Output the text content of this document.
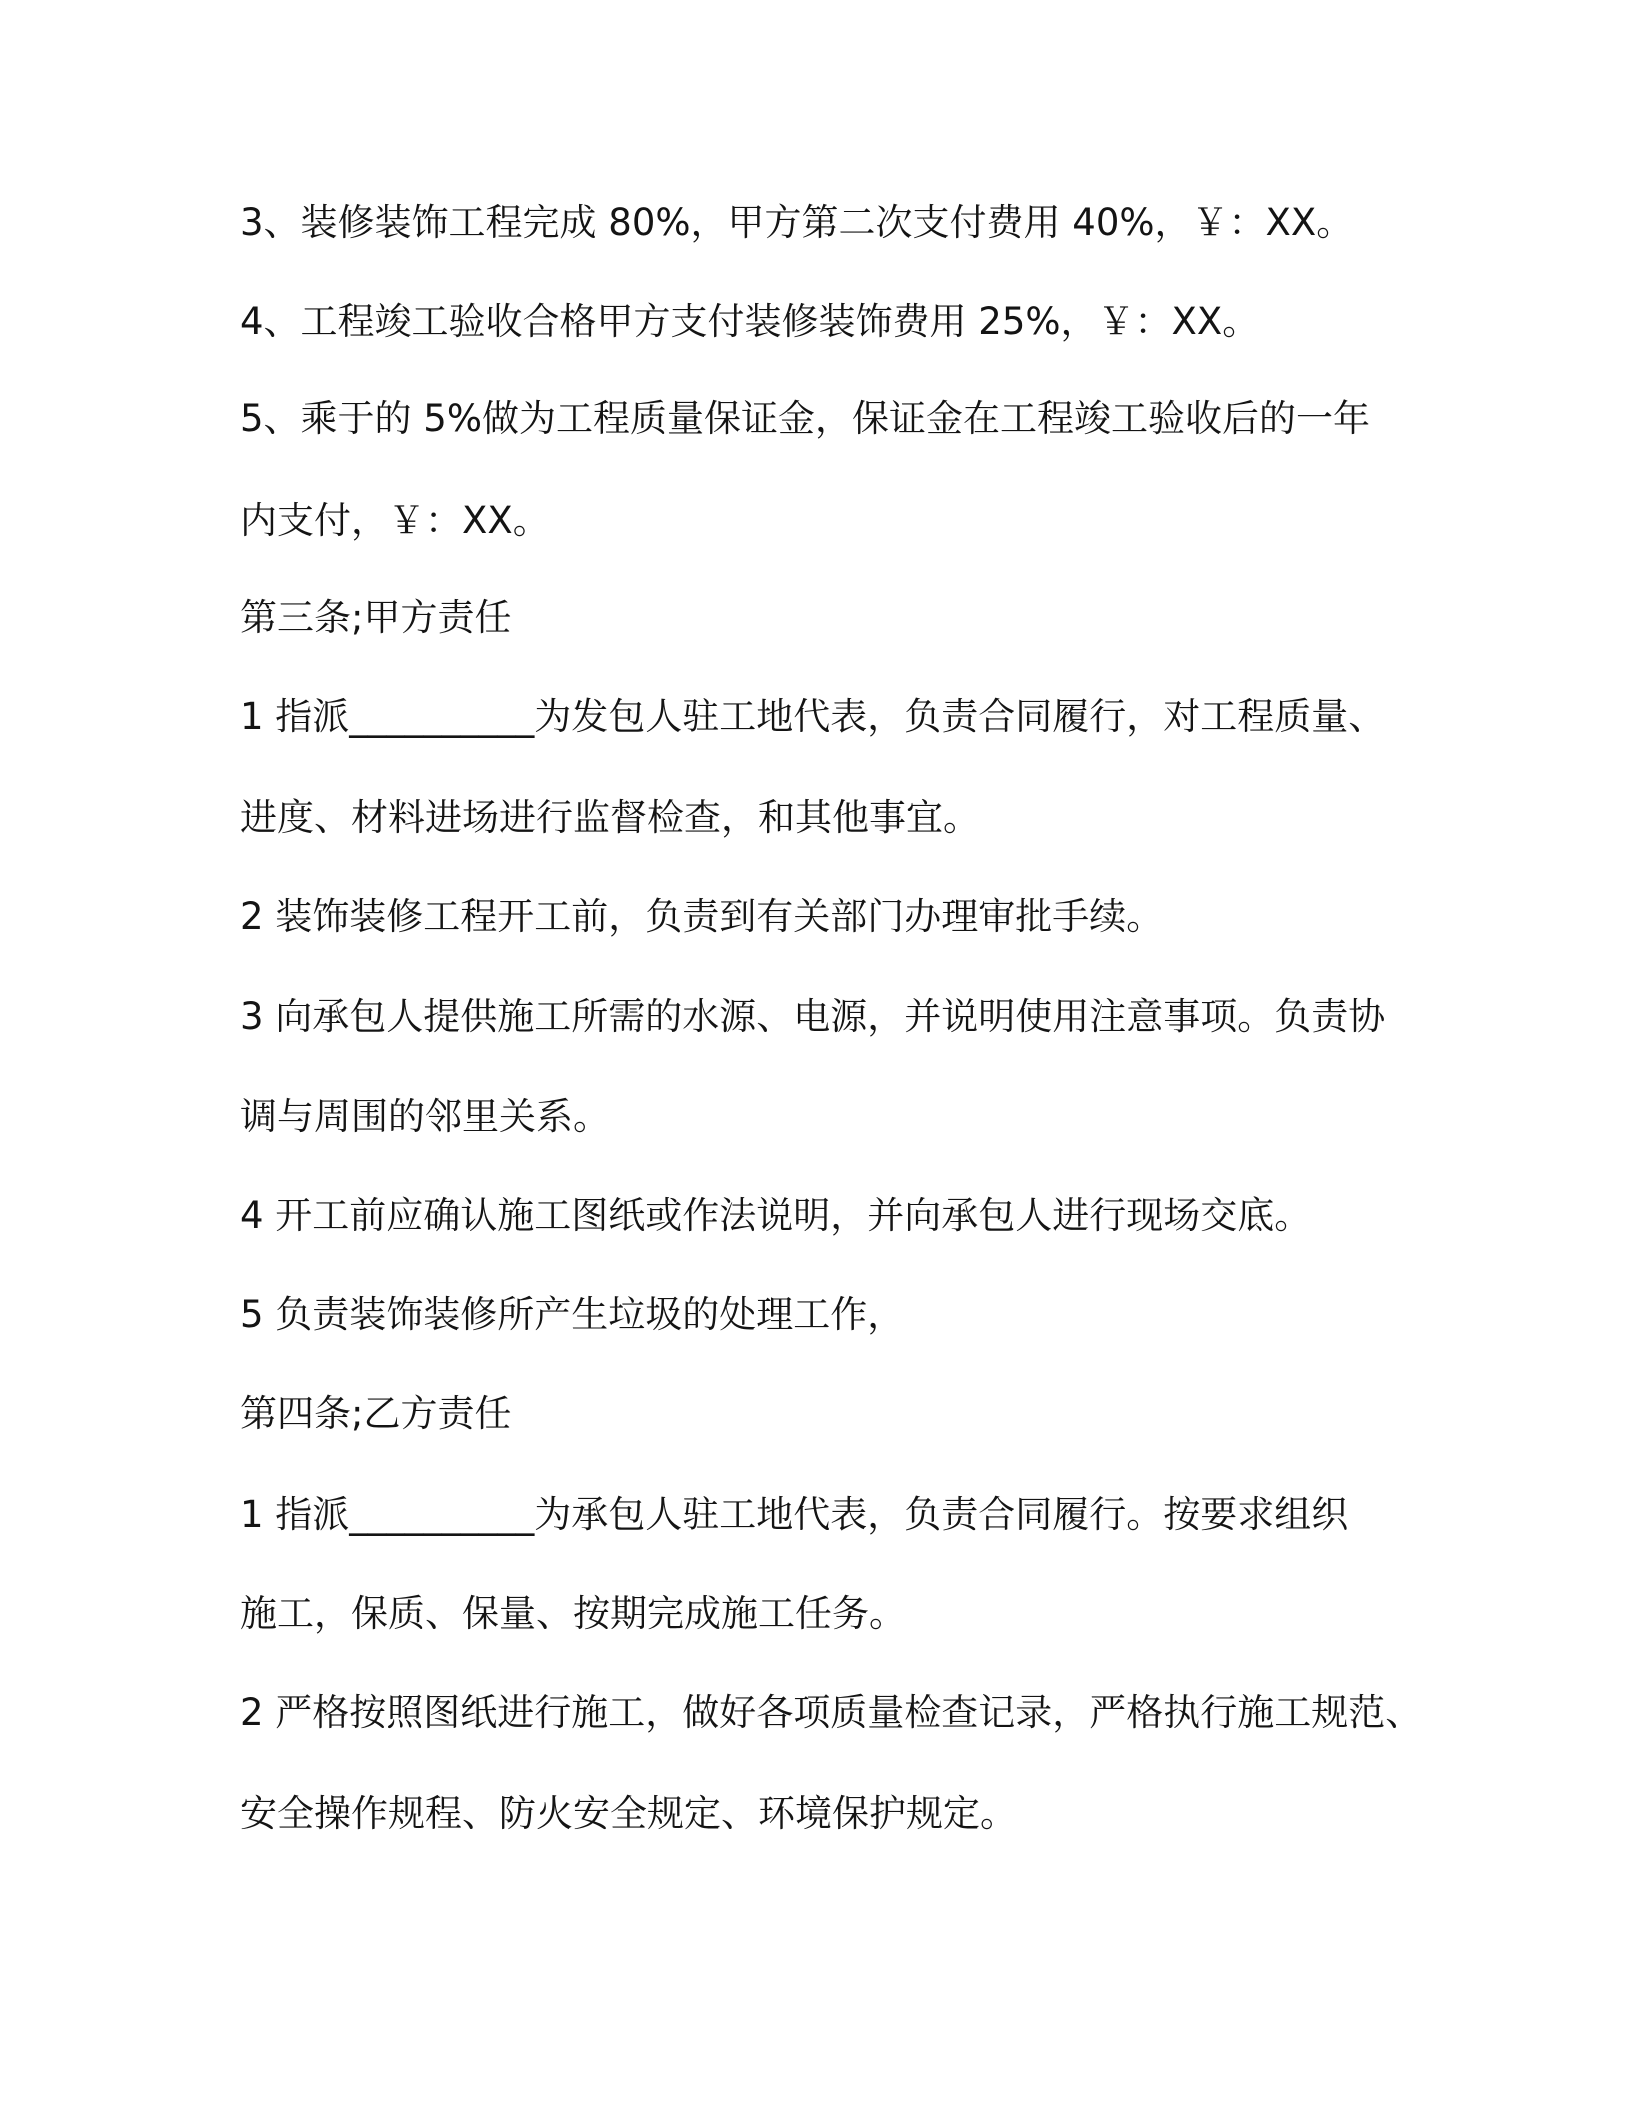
3、装修装饰工程完成 80%，甲方第二次支付费用 40%，￥：XX。
4、工程竣工验收合格甲方支付装修装饰费用 25%，￥：XX。
5、乘于的 5%做为工程质量保证金，保证金在工程竣工验收后的一年
内支付，￥：XX。
第三条;甲方责任
1 指派__________为发包人驻工地代表，负责合同履行，对工程质量、
进度、材料进场进行监督检查，和其他事宜。
2 装饰装修工程开工前，负责到有关部门办理审批手续。
3 向承包人提供施工所需的水源、电源，并说明使用注意事项。负责协
调与周围的邻里关系。
4 开工前应确认施工图纸或作法说明，并向承包人进行现场交底。
5 负责装饰装修所产生垃圾的处理工作，
第四条;乙方责任
1 指派__________为承包人驻工地代表，负责合同履行。按要求组织
施工，保质、保量、按期完成施工任务。
2 严格按照图纸进行施工，做好各项质量检查记录，严格执行施工规范、
安全操作规程、防火安全规定、环境保护规定。
